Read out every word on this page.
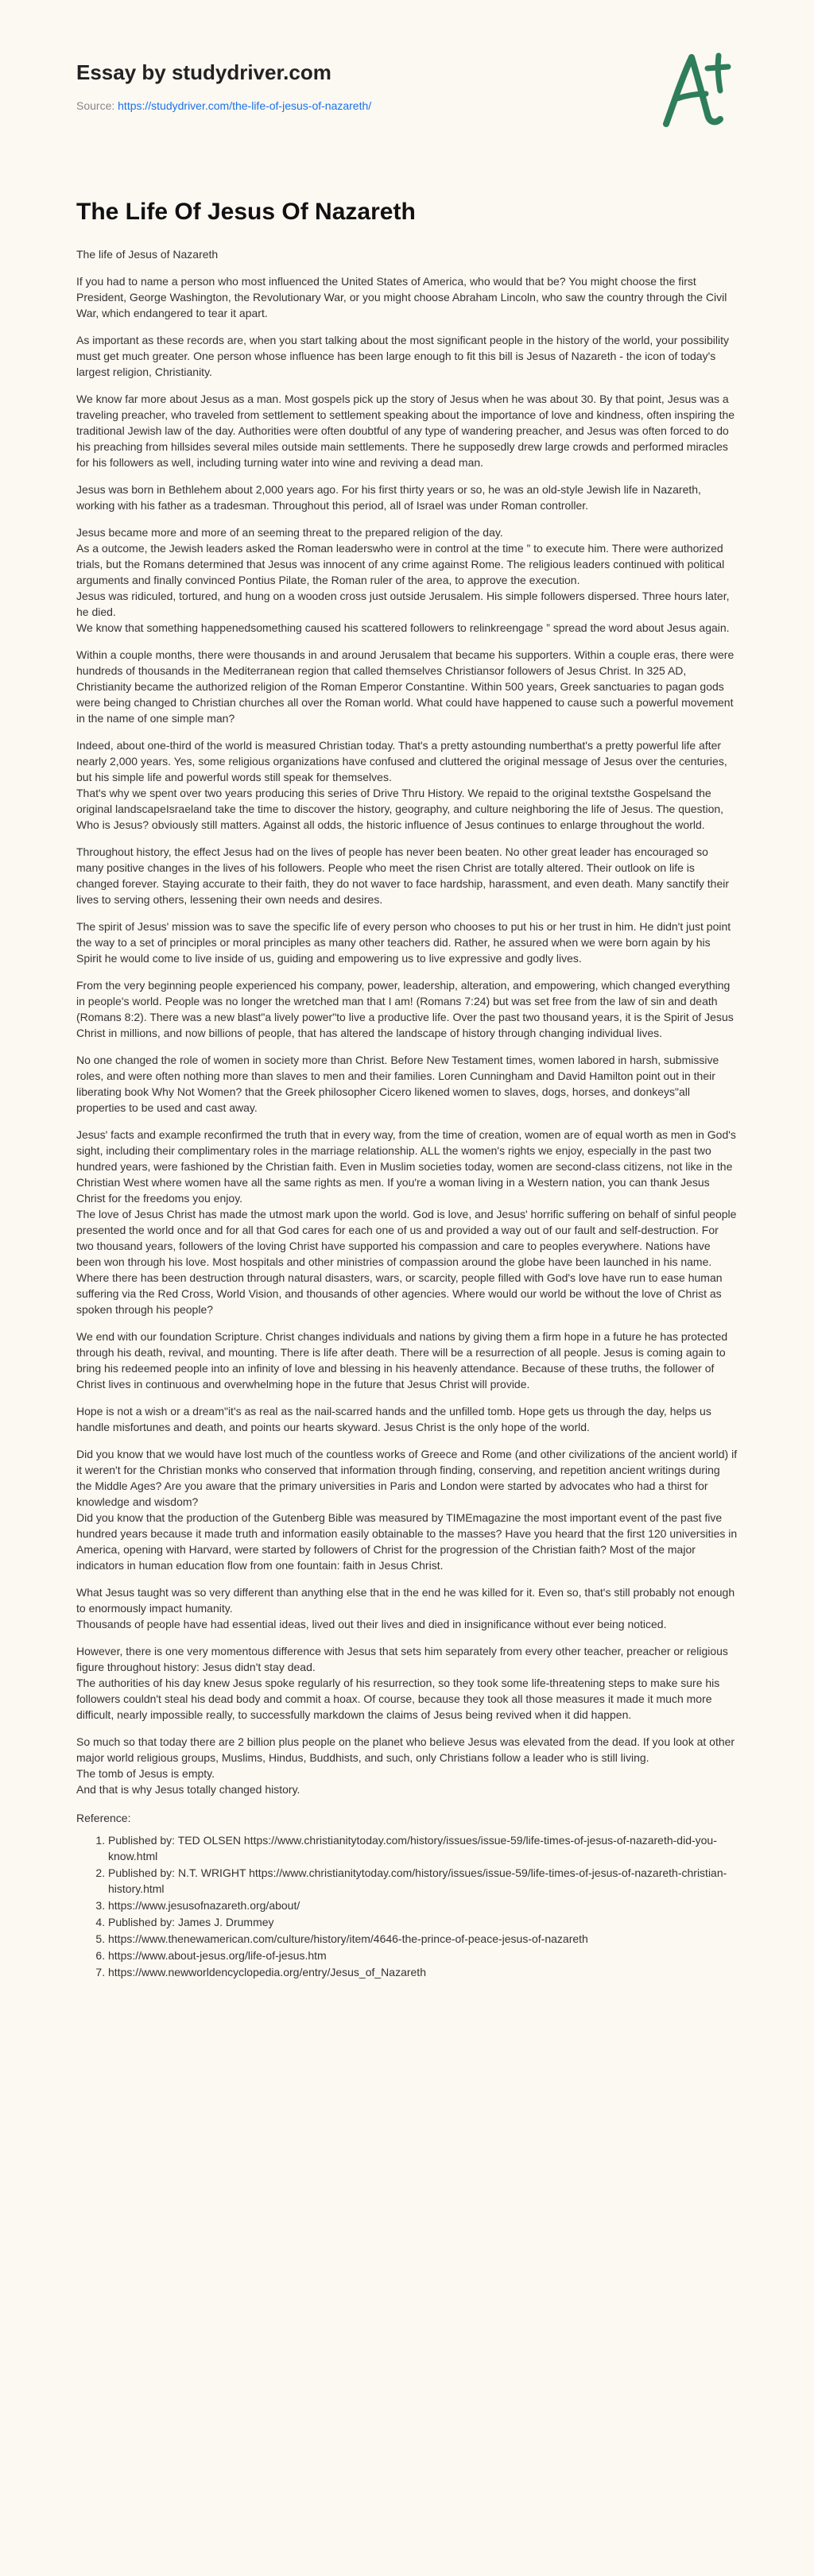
Essay by studydriver.com
Source: https://studydriver.com/the-life-of-jesus-of-nazareth/
The Life Of Jesus Of Nazareth

The life of Jesus of Nazareth

If you had to name a person who most influenced the United States of America, who would that be? You might choose the first President, George Washington, the Revolutionary War, or you might choose Abraham Lincoln, who saw the country through the Civil War, which endangered to tear it apart.

As important as these records are, when you start talking about the most significant people in the history of the world, your possibility must get much greater. One person whose influence has been large enough to fit this bill is Jesus of Nazareth - the icon of today's largest religion, Christianity.

We know far more about Jesus as a man. Most gospels pick up the story of Jesus when he was about 30. By that point, Jesus was a traveling preacher, who traveled from settlement to settlement speaking about the importance of love and kindness, often inspiring the traditional Jewish law of the day. Authorities were often doubtful of any type of wandering preacher, and Jesus was often forced to do his preaching from hillsides several miles outside main settlements. There he supposedly drew large crowds and performed miracles for his followers as well, including turning water into wine and reviving a dead man.

Jesus was born in Bethlehem about 2,000 years ago. For his first thirty years or so, he was an old-style Jewish life in Nazareth, working with his father as a tradesman. Throughout this period, all of Israel was under Roman controller.

Jesus became more and more of an seeming threat to the prepared religion of the day.
As a outcome, the Jewish leaders asked the Roman leaderswho were in control at the time ” to execute him. There were authorized trials, but the Romans determined that Jesus was innocent of any crime against Rome. The religious leaders continued with political arguments and finally convinced Pontius Pilate, the Roman ruler of the area, to approve the execution.
Jesus was ridiculed, tortured, and hung on a wooden cross just outside Jerusalem. His simple followers dispersed. Three hours later, he died.
We know that something happenedsomething caused his scattered followers to relinkreengage ” spread the word about Jesus again.

Within a couple months, there were thousands in and around Jerusalem that became his supporters. Within a couple eras, there were hundreds of thousands in the Mediterranean region that called themselves Christiansor followers of Jesus Christ. In 325 AD, Christianity became the authorized religion of the Roman Emperor Constantine. Within 500 years, Greek sanctuaries to pagan gods were being changed to Christian churches all over the Roman world. What could have happened to cause such a powerful movement in the name of one simple man?

Indeed, about one-third of the world is measured Christian today. That's a pretty astounding numberthat's a pretty powerful life after nearly 2,000 years. Yes, some religious organizations have confused and cluttered the original message of Jesus over the centuries, but his simple life and powerful words still speak for themselves.
That's why we spent over two years producing this series of Drive Thru History. We repaid to the original textsthe Gospelsand the original landscapeIsraeland take the time to discover the history, geography, and culture neighboring the life of Jesus. The question, Who is Jesus? obviously still matters. Against all odds, the historic influence of Jesus continues to enlarge throughout the world.

Throughout history, the effect Jesus had on the lives of people has never been beaten. No other great leader has encouraged so many positive changes in the lives of his followers. People who meet the risen Christ are totally altered. Their outlook on life is changed forever. Staying accurate to their faith, they do not waver to face hardship, harassment, and even death. Many sanctify their lives to serving others, lessening their own needs and desires.

The spirit of Jesus' mission was to save the specific life of every person who chooses to put his or her trust in him. He didn't just point the way to a set of principles or moral principles as many other teachers did. Rather, he assured when we were born again by his Spirit he would come to live inside of us, guiding and empowering us to live expressive and godly lives.

From the very beginning people experienced his company, power, leadership, alteration, and empowering, which changed everything in people's world. People was no longer the wretched man that I am! (Romans 7:24) but was set free from the law of sin and death (Romans 8:2). There was a new blast"a lively power"to live a productive life. Over the past two thousand years, it is the Spirit of Jesus Christ in millions, and now billions of people, that has altered the landscape of history through changing individual lives.

No one changed the role of women in society more than Christ. Before New Testament times, women labored in harsh, submissive roles, and were often nothing more than slaves to men and their families. Loren Cunningham and David Hamilton point out in their liberating book Why Not Women? that the Greek philosopher Cicero likened women to slaves, dogs, horses, and donkeys"all properties to be used and cast away.

Jesus' facts and example reconfirmed the truth that in every way, from the time of creation, women are of equal worth as men in God's sight, including their complimentary roles in the marriage relationship. ALL the women's rights we enjoy, especially in the past two hundred years, were fashioned by the Christian faith. Even in Muslim societies today, women are second-class citizens, not like in the Christian West where women have all the same rights as men. If you're a woman living in a Western nation, you can thank Jesus Christ for the freedoms you enjoy.
The love of Jesus Christ has made the utmost mark upon the world. God is love, and Jesus' horrific suffering on behalf of sinful people presented the world once and for all that God cares for each one of us and provided a way out of our fault and self-destruction. For two thousand years, followers of the loving Christ have supported his compassion and care to peoples everywhere. Nations have been won through his love. Most hospitals and other ministries of compassion around the globe have been launched in his name. Where there has been destruction through natural disasters, wars, or scarcity, people filled with God's love have run to ease human suffering via the Red Cross, World Vision, and thousands of other agencies. Where would our world be without the love of Christ as spoken through his people?

We end with our foundation Scripture. Christ changes individuals and nations by giving them a firm hope in a future he has protected through his death, revival, and mounting. There is life after death. There will be a resurrection of all people. Jesus is coming again to bring his redeemed people into an infinity of love and blessing in his heavenly attendance. Because of these truths, the follower of Christ lives in continuous and overwhelming hope in the future that Jesus Christ will provide.

Hope is not a wish or a dream"it's as real as the nail-scarred hands and the unfilled tomb. Hope gets us through the day, helps us handle misfortunes and death, and points our hearts skyward. Jesus Christ is the only hope of the world.

Did you know that we would have lost much of the countless works of Greece and Rome (and other civilizations of the ancient world) if it weren't for the Christian monks who conserved that information through finding, conserving, and repetition ancient writings during the Middle Ages? Are you aware that the primary universities in Paris and London were started by advocates who had a thirst for knowledge and wisdom?
Did you know that the production of the Gutenberg Bible was measured by TIMEmagazine the most important event of the past five hundred years because it made truth and information easily obtainable to the masses? Have you heard that the first 120 universities in America, opening with Harvard, were started by followers of Christ for the progression of the Christian faith? Most of the major indicators in human education flow from one fountain: faith in Jesus Christ.

What Jesus taught was so very different than anything else that in the end he was killed for it. Even so, that's still probably not enough to enormously impact humanity.
Thousands of people have had essential ideas, lived out their lives and died in insignificance without ever being noticed.

However, there is one very momentous difference with Jesus that sets him separately from every other teacher, preacher or religious figure throughout history: Jesus didn't stay dead.
The authorities of his day knew Jesus spoke regularly of his resurrection, so they took some life-threatening steps to make sure his followers couldn't steal his dead body and commit a hoax. Of course, because they took all those measures it made it much more difficult, nearly impossible really, to successfully markdown the claims of Jesus being revived when it did happen.

So much so that today there are 2 billion plus people on the planet who believe Jesus was elevated from the dead. If you look at other major world religious groups, Muslims, Hindus, Buddhists, and such, only Christians follow a leader who is still living.
The tomb of Jesus is empty.
And that is why Jesus totally changed history.

Reference:
1. Published by: TED OLSEN https://www.christianitytoday.com/history/issues/issue-59/life-times-of-jesus-of-nazareth-did-you-know.html
2. Published by: N.T. WRIGHT https://www.christianitytoday.com/history/issues/issue-59/life-times-of-jesus-of-nazareth-christian-history.html
3. https://www.jesusofnazareth.org/about/
4. Published by: James J. Drummey
5. https://www.thenewamerican.com/culture/history/item/4646-the-prince-of-peace-jesus-of-nazareth
6. https://www.about-jesus.org/life-of-jesus.htm
7. https://www.newworldencyclopedia.org/entry/Jesus_of_Nazareth
